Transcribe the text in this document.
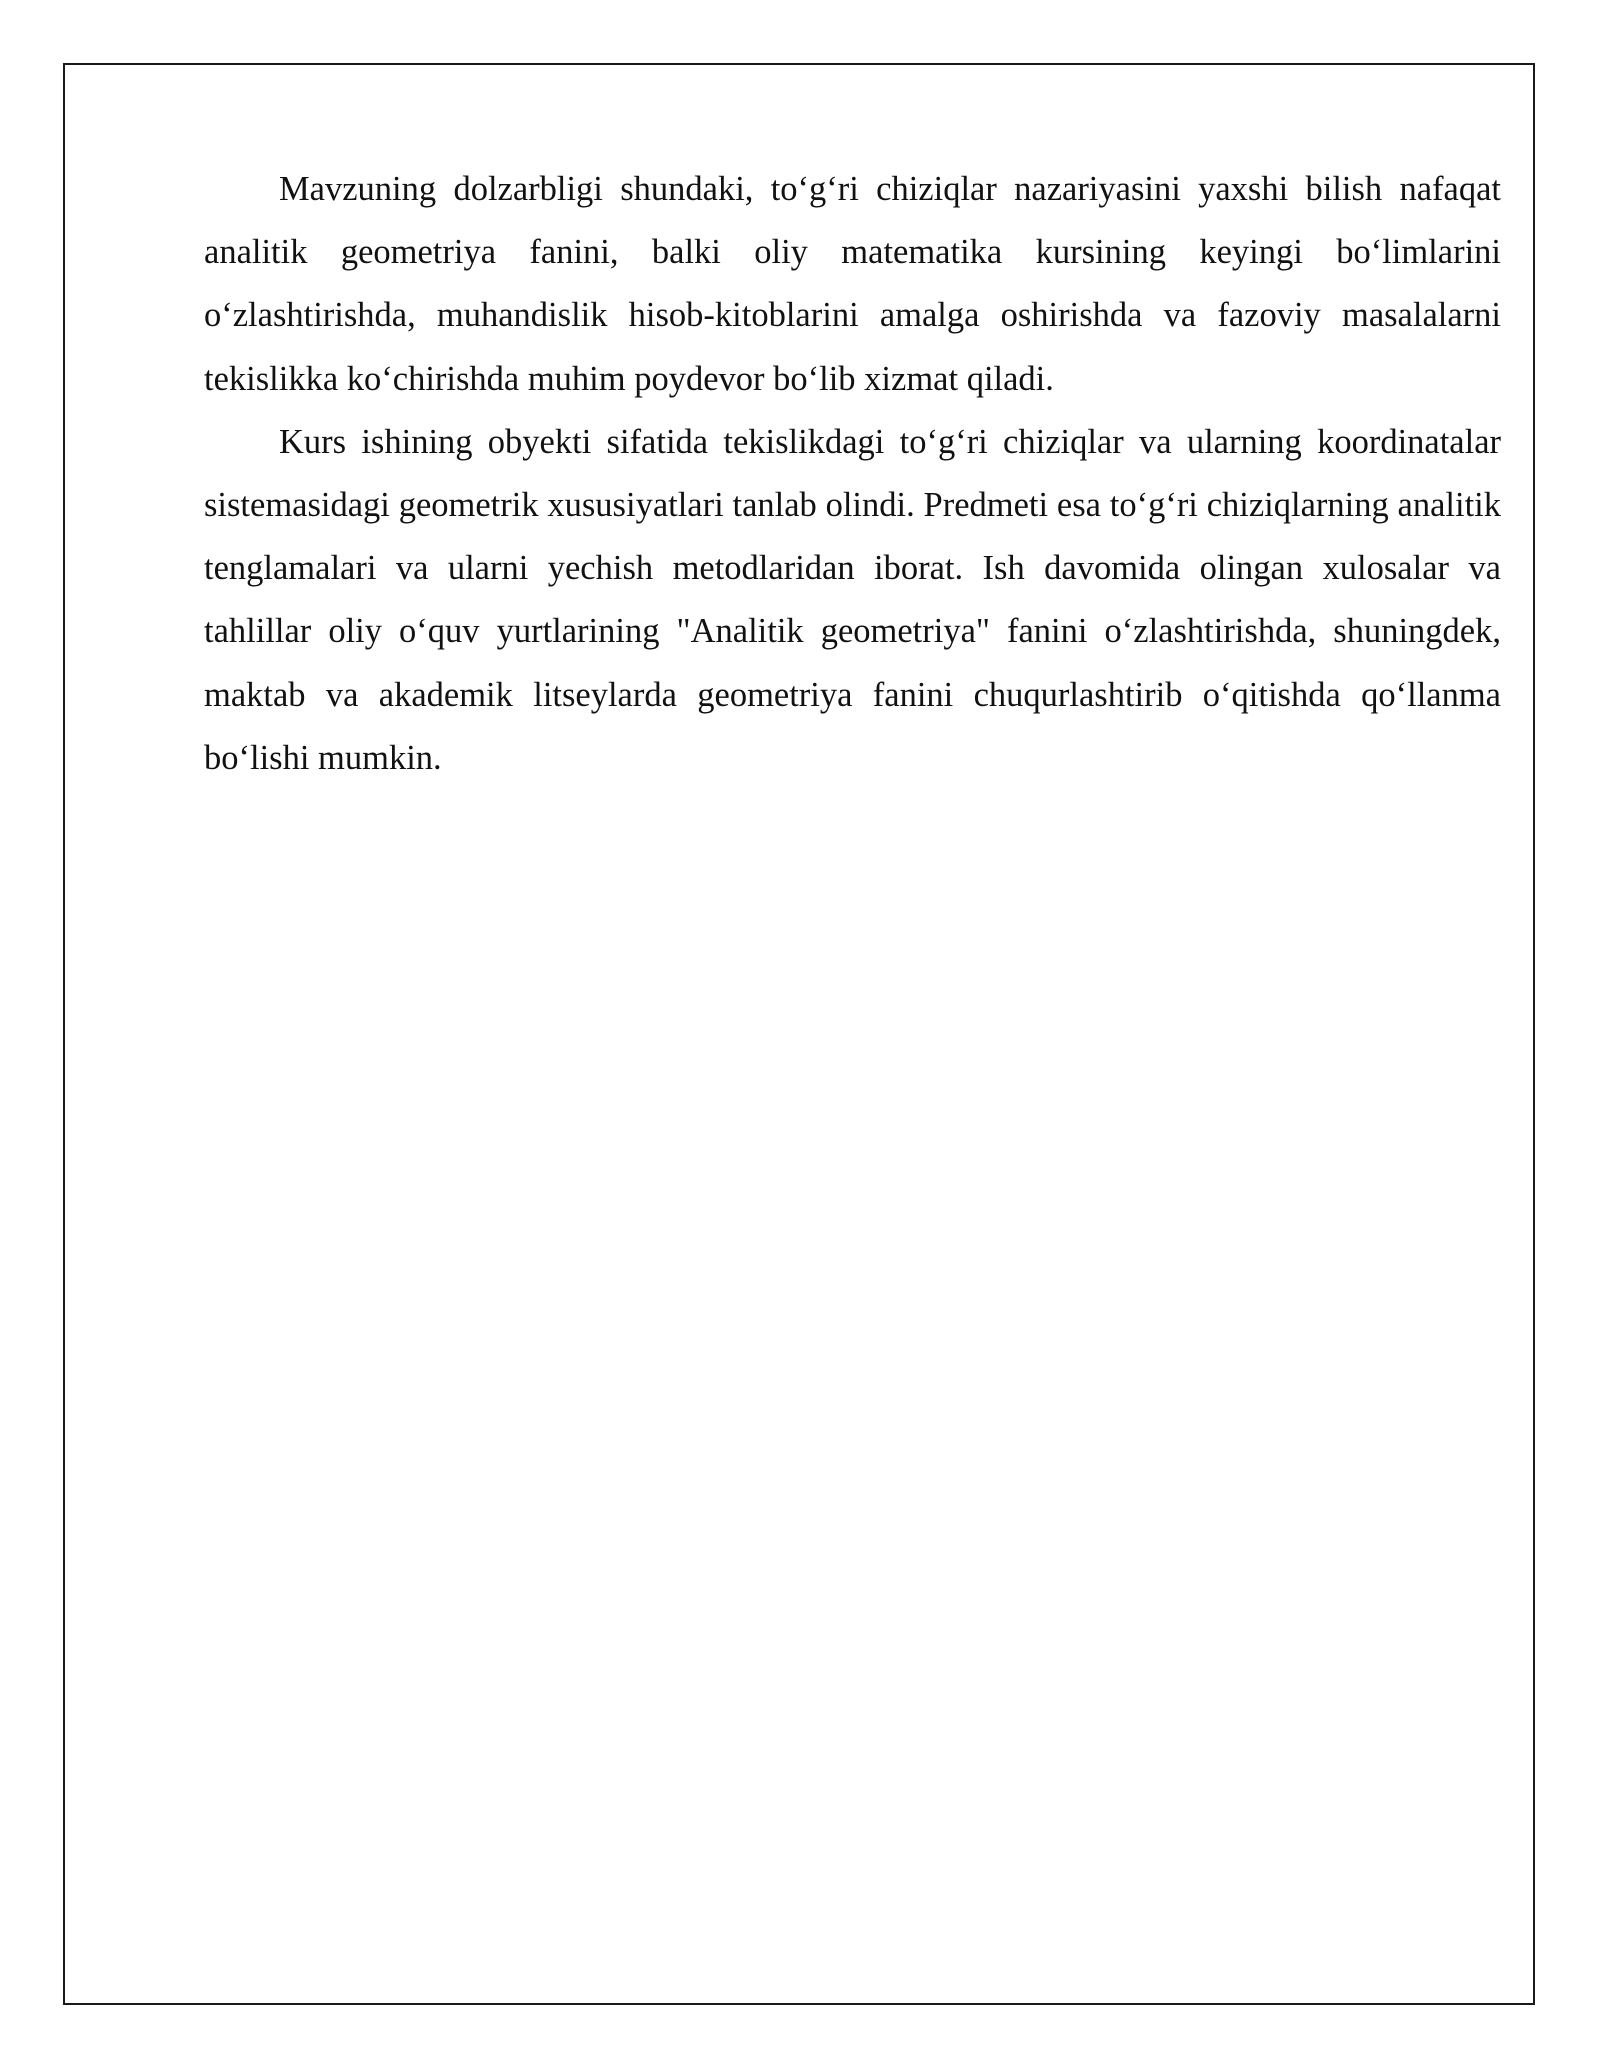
Mavzuning dolzarbligi shundaki, to‘g‘ri chiziqlar nazariyasini yaxshi bilish nafaqat analitik geometriya fanini, balki oliy matematika kursining keyingi bo‘limlarini o‘zlashtirishda, muhandislik hisob-kitoblarini amalga oshirishda va fazoviy masalalarni tekislikka ko‘chirishda muhim poydevor bo‘lib xizmat qiladi.

Kurs ishining obyekti sifatida tekislikdagi to‘g‘ri chiziqlar va ularning koordinatalar sistemasidagi geometrik xususiyatlari tanlab olindi. Predmeti esa to‘g‘ri chiziqlarning analitik tenglamalari va ularni yechish metodlaridan iborat. Ish davomida olingan xulosalar va tahlillar oliy o‘quv yurtlarining "Analitik geometriya" fanini o‘zlashtirishda, shuningdek, maktab va akademik litseylarda geometriya fanini chuqurlashtirib o‘qitishda qo‘llanma bo‘lishi mumkin.
